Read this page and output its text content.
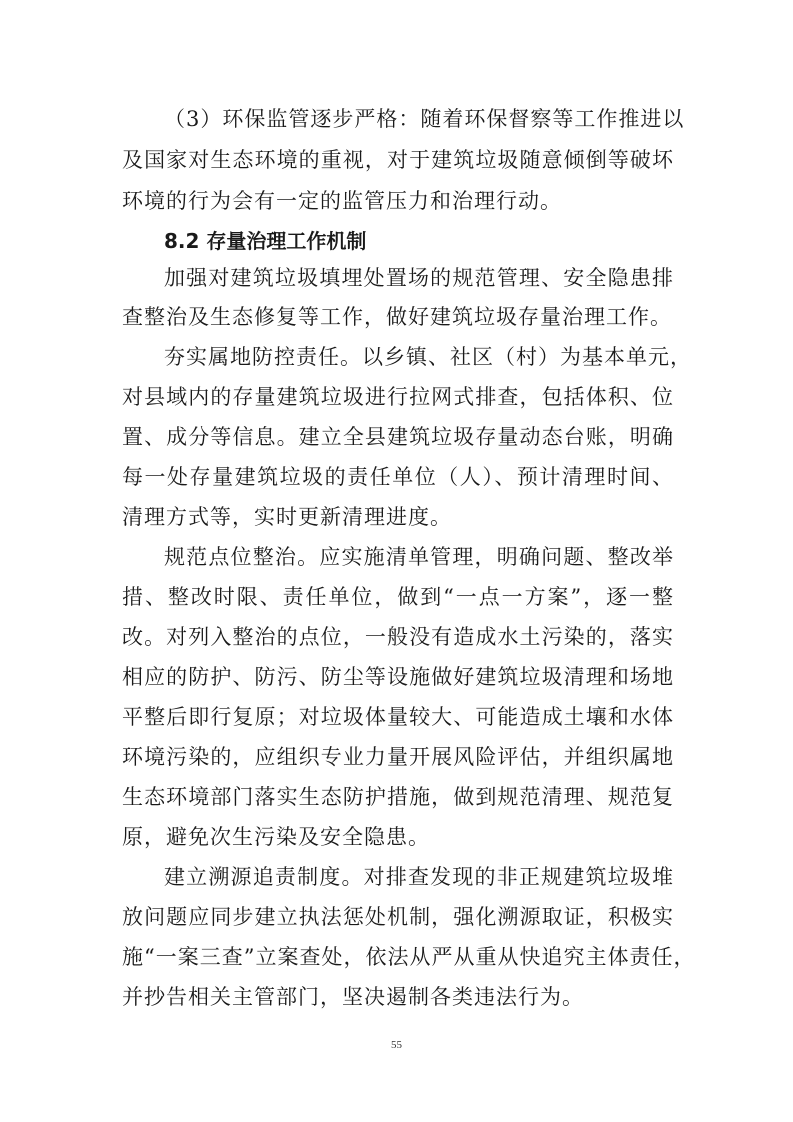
（3）环保监管逐步严格：随着环保督察等工作推进以
及国家对生态环境的重视，对于建筑垃圾随意倾倒等破坏
环境的行为会有一定的监管压力和治理行动。
8.2 存量治理工作机制
加强对建筑垃圾填埋处置场的规范管理、安全隐患排
查整治及生态修复等工作，做好建筑垃圾存量治理工作。
夯实属地防控责任。以乡镇、社区（村）为基本单元，
对县域内的存量建筑垃圾进行拉网式排查，包括体积、位
置、成分等信息。建立全县建筑垃圾存量动态台账，明确
每一处存量建筑垃圾的责任单位（人）、预计清理时间、
清理方式等，实时更新清理进度。
规范点位整治。应实施清单管理，明确问题、整改举
措、整改时限、责任单位，做到“一点一方案”，逐一整
改。对列入整治的点位，一般没有造成水土污染的，落实
相应的防护、防污、防尘等设施做好建筑垃圾清理和场地
平整后即行复原；对垃圾体量较大、可能造成土壤和水体
环境污染的，应组织专业力量开展风险评估，并组织属地
生态环境部门落实生态防护措施，做到规范清理、规范复
原，避免次生污染及安全隐患。
建立溯源追责制度。对排查发现的非正规建筑垃圾堆
放问题应同步建立执法惩处机制，强化溯源取证，积极实
施“一案三查”立案查处，依法从严从重从快追究主体责任，
并抄告相关主管部门，坚决遏制各类违法行为。
55
